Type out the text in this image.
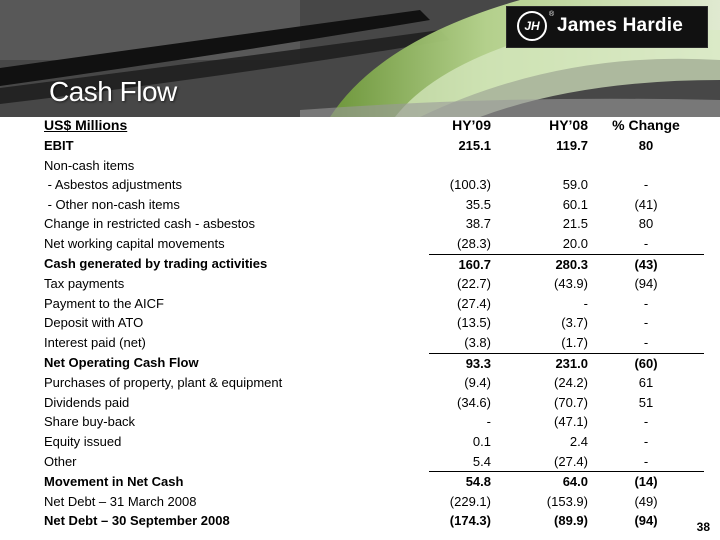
JH
®
James Hardie
Cash Flow
US$ Millions	HY’09	HY’08	% Change
EBIT	215.1	119.7	80
Non-cash items			
- Asbestos adjustments	(100.3)	59.0	-
- Other non-cash items	35.5	60.1	(41)
Change in restricted cash - asbestos	38.7	21.5	80
Net working capital movements	(28.3)	20.0	-
Cash generated by trading activities	160.7	280.3	(43)
Tax payments	(22.7)	(43.9)	(94)
Payment to the AICF	(27.4)	-	-
Deposit with ATO	(13.5)	(3.7)	-
Interest paid (net)	(3.8)	(1.7)	-
Net Operating Cash Flow	93.3	231.0	(60)
Purchases of property, plant & equipment	(9.4)	(24.2)	61
Dividends paid	(34.6)	(70.7)	51
Share buy-back	-	(47.1)	-
Equity issued	0.1	2.4	-
Other	5.4	(27.4)	-
Movement in Net Cash	54.8	64.0	(14)
Net Debt – 31 March 2008	(229.1)	(153.9)	(49)
Net Debt – 30 September 2008	(174.3)	(89.9)	(94)	38
